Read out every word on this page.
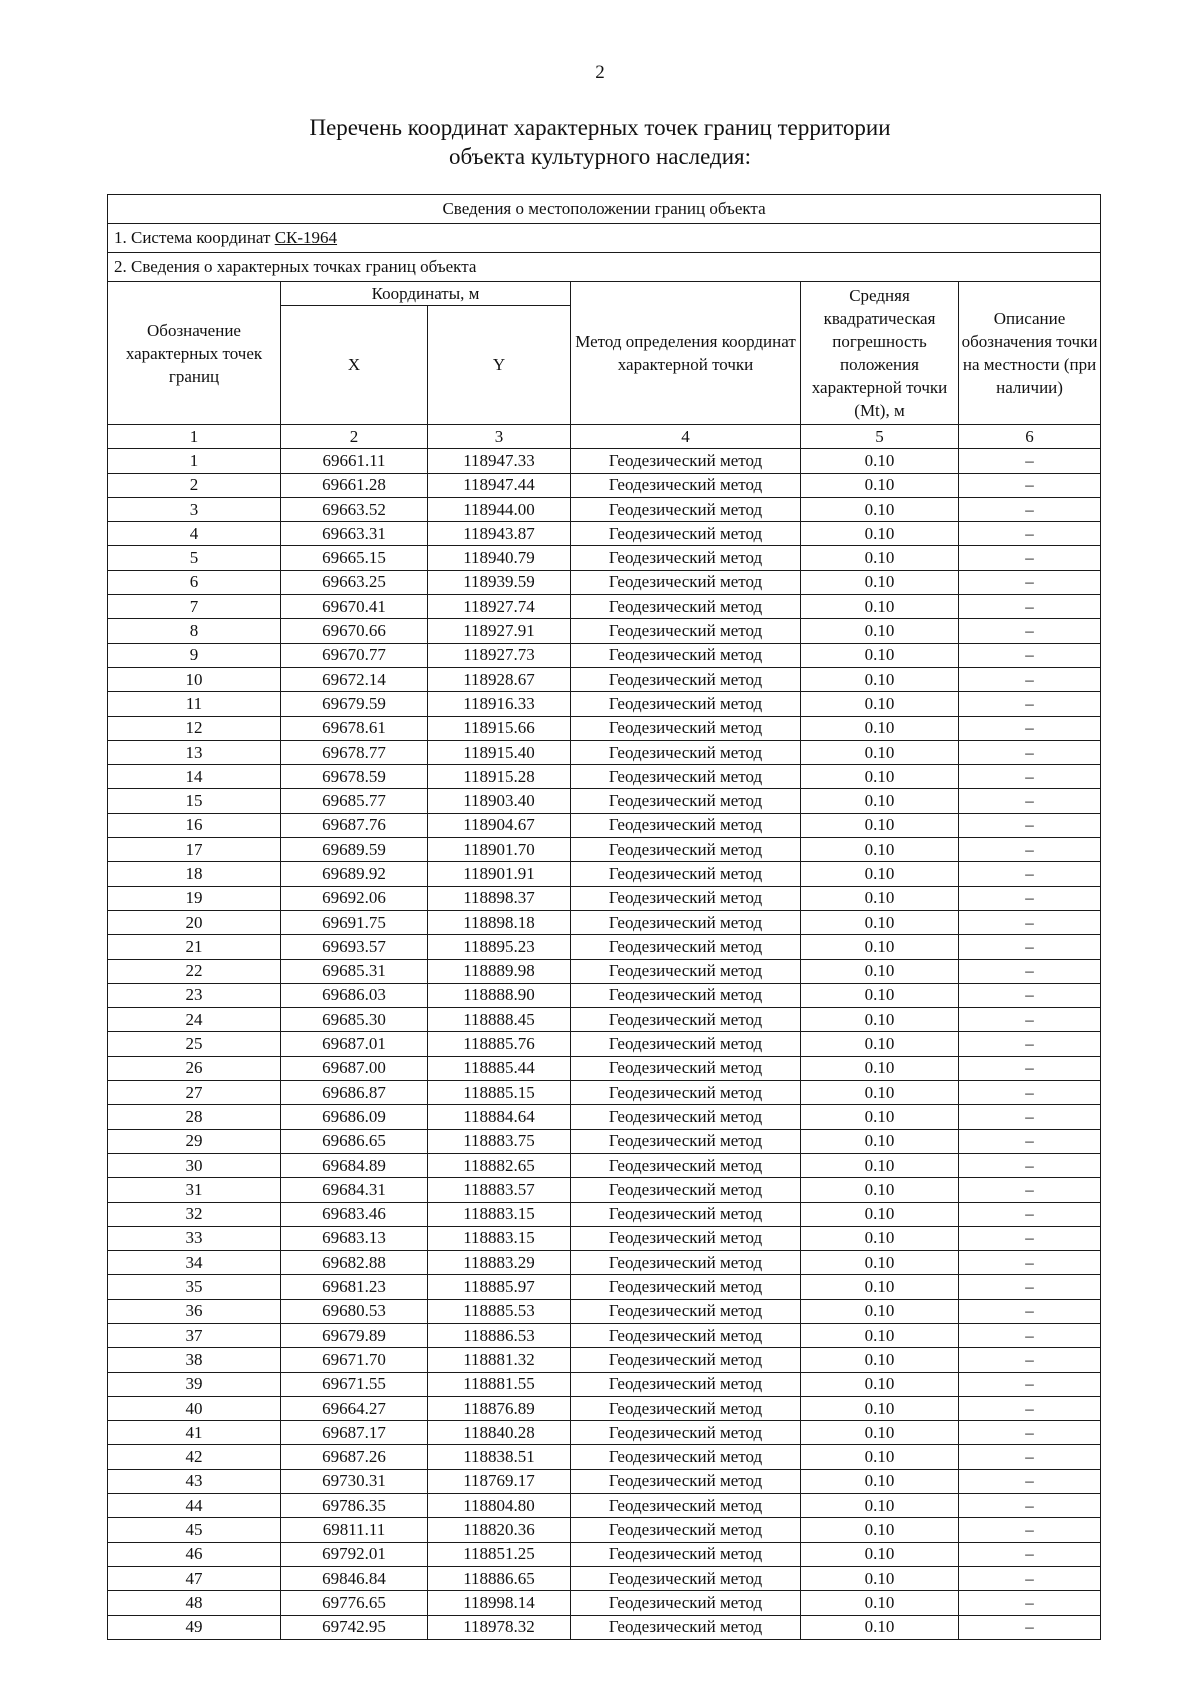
2
Перечень координат характерных точек границ территории
объекта культурного наследия:
Сведения о местоположении границ объекта					
1. Система координат СК-1964					
2. Сведения о характерных точках границ объекта					
Обозначение характерных точек границ	Координаты, м		Метод определения координат характерной точки	Средняя квадратическая погрешность положения характерной точки (Mt), м	Описание обозначения точки на местности (при наличии)
	X	Y			
1	2	3	4	5	6
1	69661.11	118947.33	Геодезический метод	0.10	–
2	69661.28	118947.44	Геодезический метод	0.10	–
3	69663.52	118944.00	Геодезический метод	0.10	–
4	69663.31	118943.87	Геодезический метод	0.10	–
5	69665.15	118940.79	Геодезический метод	0.10	–
6	69663.25	118939.59	Геодезический метод	0.10	–
7	69670.41	118927.74	Геодезический метод	0.10	–
8	69670.66	118927.91	Геодезический метод	0.10	–
9	69670.77	118927.73	Геодезический метод	0.10	–
10	69672.14	118928.67	Геодезический метод	0.10	–
11	69679.59	118916.33	Геодезический метод	0.10	–
12	69678.61	118915.66	Геодезический метод	0.10	–
13	69678.77	118915.40	Геодезический метод	0.10	–
14	69678.59	118915.28	Геодезический метод	0.10	–
15	69685.77	118903.40	Геодезический метод	0.10	–
16	69687.76	118904.67	Геодезический метод	0.10	–
17	69689.59	118901.70	Геодезический метод	0.10	–
18	69689.92	118901.91	Геодезический метод	0.10	–
19	69692.06	118898.37	Геодезический метод	0.10	–
20	69691.75	118898.18	Геодезический метод	0.10	–
21	69693.57	118895.23	Геодезический метод	0.10	–
22	69685.31	118889.98	Геодезический метод	0.10	–
23	69686.03	118888.90	Геодезический метод	0.10	–
24	69685.30	118888.45	Геодезический метод	0.10	–
25	69687.01	118885.76	Геодезический метод	0.10	–
26	69687.00	118885.44	Геодезический метод	0.10	–
27	69686.87	118885.15	Геодезический метод	0.10	–
28	69686.09	118884.64	Геодезический метод	0.10	–
29	69686.65	118883.75	Геодезический метод	0.10	–
30	69684.89	118882.65	Геодезический метод	0.10	–
31	69684.31	118883.57	Геодезический метод	0.10	–
32	69683.46	118883.15	Геодезический метод	0.10	–
33	69683.13	118883.15	Геодезический метод	0.10	–
34	69682.88	118883.29	Геодезический метод	0.10	–
35	69681.23	118885.97	Геодезический метод	0.10	–
36	69680.53	118885.53	Геодезический метод	0.10	–
37	69679.89	118886.53	Геодезический метод	0.10	–
38	69671.70	118881.32	Геодезический метод	0.10	–
39	69671.55	118881.55	Геодезический метод	0.10	–
40	69664.27	118876.89	Геодезический метод	0.10	–
41	69687.17	118840.28	Геодезический метод	0.10	–
42	69687.26	118838.51	Геодезический метод	0.10	–
43	69730.31	118769.17	Геодезический метод	0.10	–
44	69786.35	118804.80	Геодезический метод	0.10	–
45	69811.11	118820.36	Геодезический метод	0.10	–
46	69792.01	118851.25	Геодезический метод	0.10	–
47	69846.84	118886.65	Геодезический метод	0.10	–
48	69776.65	118998.14	Геодезический метод	0.10	–
49	69742.95	118978.32	Геодезический метод	0.10	–
